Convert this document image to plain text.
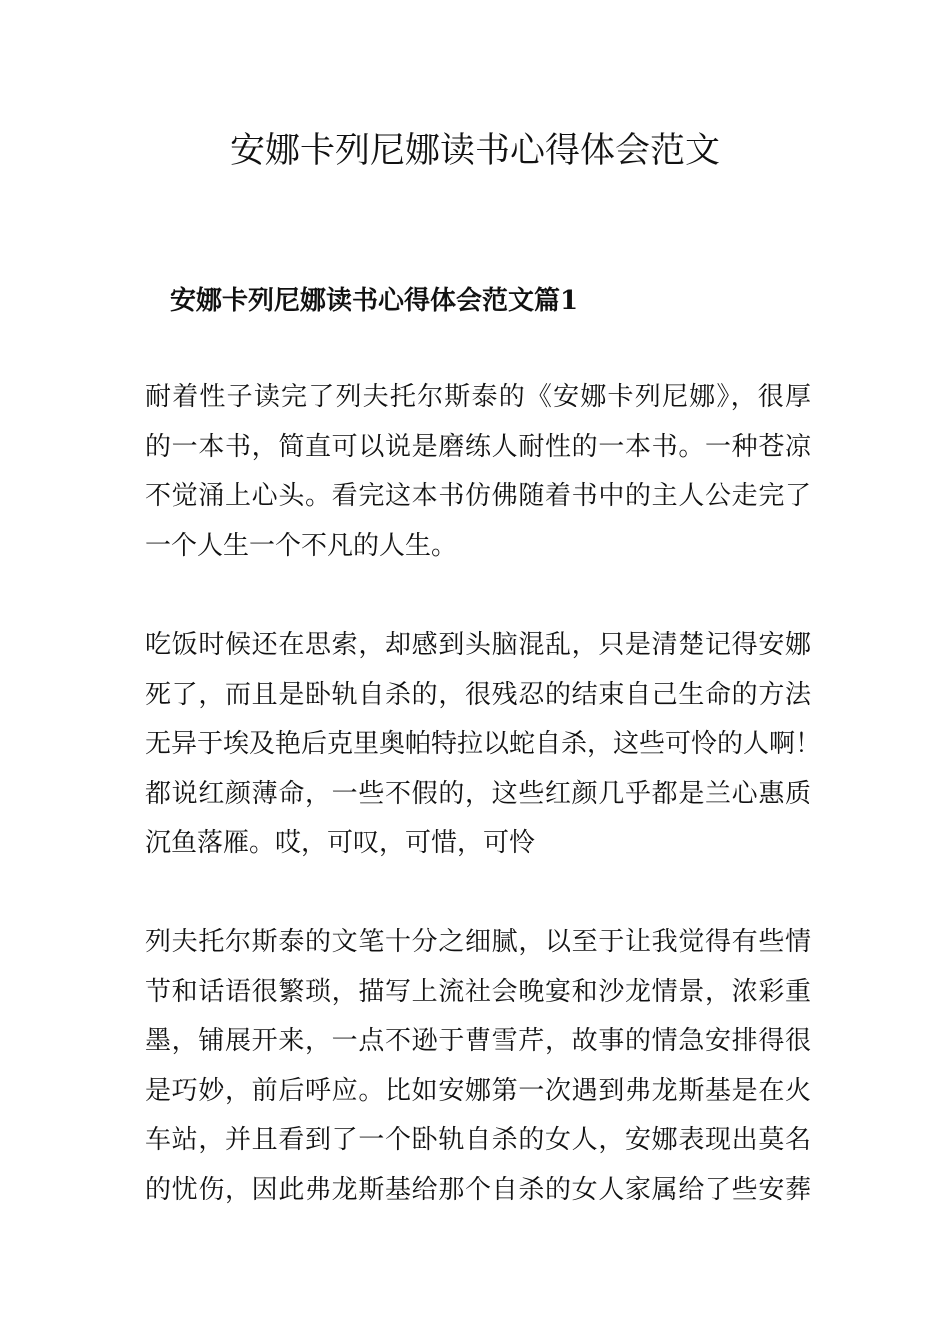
安娜卡列尼娜读书心得体会范文
安娜卡列尼娜读书心得体会范文篇1

耐着性子读完了列夫托尔斯泰的《安娜卡列尼娜》，很厚
的一本书，简直可以说是磨练人耐性的一本书。一种苍凉
不觉涌上心头。看完这本书仿佛随着书中的主人公走完了
一个人生一个不凡的人生。

吃饭时候还在思索，却感到头脑混乱，只是清楚记得安娜
死了，而且是卧轨自杀的，很残忍的结束自己生命的方法
无异于埃及艳后克里奥帕特拉以蛇自杀，这些可怜的人啊！
都说红颜薄命，一些不假的，这些红颜几乎都是兰心惠质
沉鱼落雁。哎，可叹，可惜，可怜

列夫托尔斯泰的文笔十分之细腻，以至于让我觉得有些情
节和话语很繁琐，描写上流社会晚宴和沙龙情景，浓彩重
墨，铺展开来，一点不逊于曹雪芹，故事的情急安排得很
是巧妙，前后呼应。比如安娜第一次遇到弗龙斯基是在火
车站，并且看到了一个卧轨自杀的女人，安娜表现出莫名
的忧伤，因此弗龙斯基给那个自杀的女人家属给了些安葬
